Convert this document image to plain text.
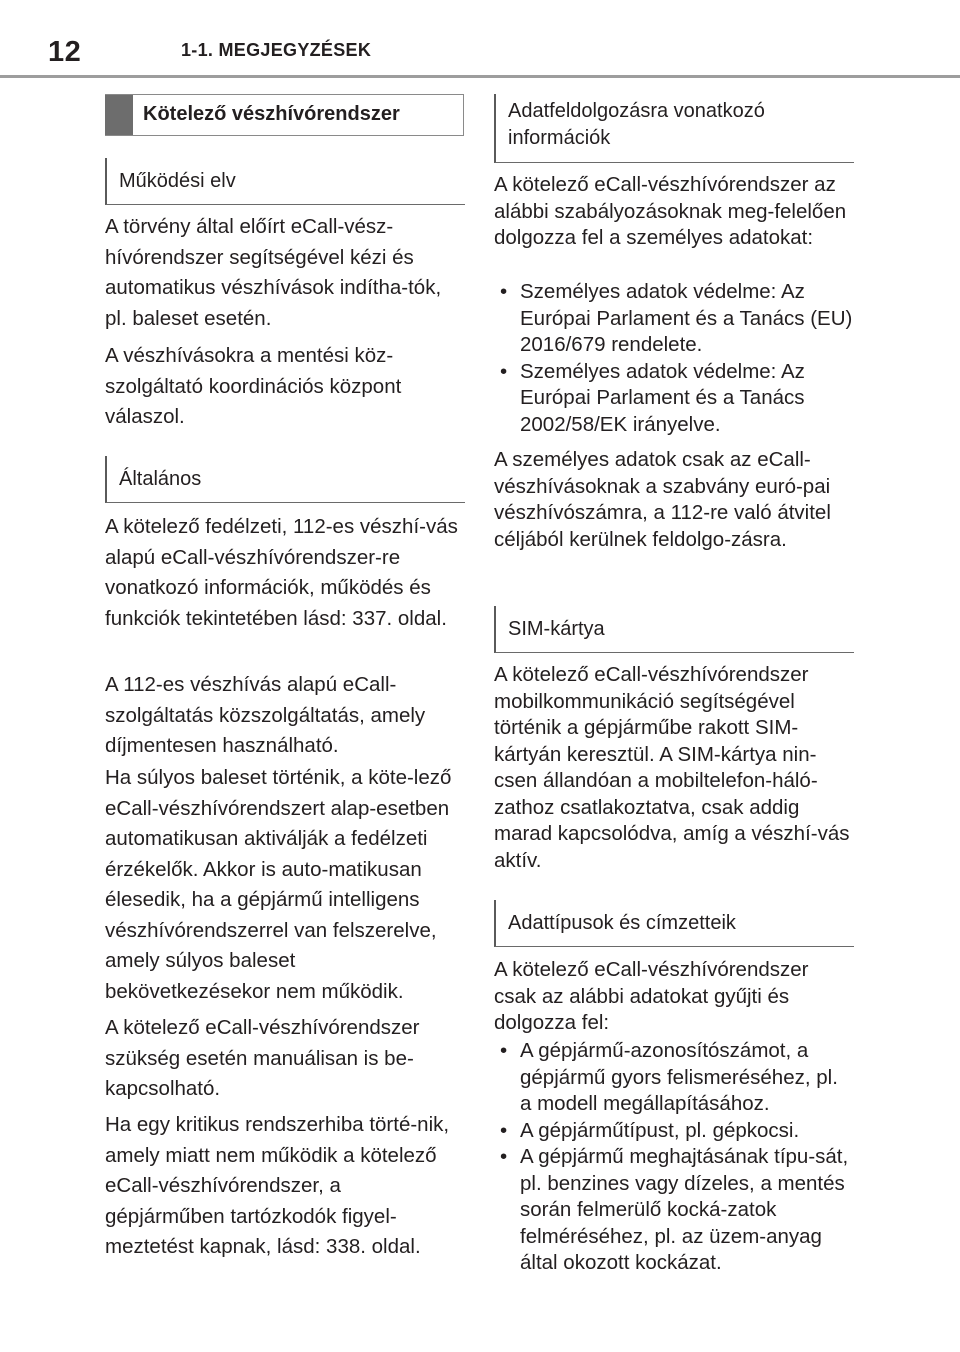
12	1-1. MEGJEGYZÉSEK
Kötelező vészhívórendszer
Működési elv

A törvény által előírt eCall-vész-hívórendszer segítségével kézi és automatikus vészhívások indítha-tók, pl. baleset esetén.

A vészhívásokra a mentési köz-szolgáltató koordinációs központ válaszol.

Általános

A kötelező fedélzeti, 112-es vészhí-vás alapú eCall-vészhívórendszer-re vonatkozó információk, működés és funkciók tekintetében lásd: 337. oldal.

A 112-es vészhívás alapú eCall-szolgáltatás közszolgáltatás, amely díjmentesen használható.

Ha súlyos baleset történik, a köte-lező eCall-vészhívórendszert alap-esetben automatikusan aktiválják a fedélzeti érzékelők. Akkor is auto-matikusan élesedik, ha a gépjármű intelligens vészhívórendszerrel van felszerelve, amely súlyos baleset bekövetkezésekor nem működik.

A kötelező eCall-vészhívórendszer szükség esetén manuálisan is be-kapcsolható.

Ha egy kritikus rendszerhiba törté-nik, amely miatt nem működik a kötelező eCall-vészhívórendszer, a gépjárműben tartózkodók figyel-meztetést kapnak, lásd: 338. oldal.

Adatfeldolgozásra vonatkozó információk

A kötelező eCall-vészhívórendszer az alábbi szabályozásoknak meg-felelően dolgozza fel a személyes adatokat:

• Személyes adatok védelme: Az Európai Parlament és a Tanács (EU) 2016/679 rendelete.
• Személyes adatok védelme: Az Európai Parlament és a Tanács 2002/58/EK irányelve.

A személyes adatok csak az eCall-vészhívásoknak a szabvány euró-pai vészhívószámra, a 112-re való átvitel céljából kerülnek feldolgo-zásra.

SIM-kártya

A kötelező eCall-vészhívórendszer mobilkommunikáció segítségével történik a gépjárműbe rakott SIM-kártyán keresztül. A SIM-kártya nin-csen állandóan a mobiltelefon-háló-zathoz csatlakoztatva, csak addig marad kapcsolódva, amíg a vészhí-vás aktív.

Adattípusok és címzetteik

A kötelező eCall-vészhívórendszer csak az alábbi adatokat gyűjti és dolgozza fel:

• A gépjármű-azonosítószámot, a gépjármű gyors felismeréséhez, pl. a modell megállapításához.
• A gépjárműtípust, pl. gépkocsi.
• A gépjármű meghajtásának típu-sát, pl. benzines vagy dízeles, a mentés során felmerülő kocká-zatok felméréséhez, pl. az üzem-anyag által okozott kockázat.
